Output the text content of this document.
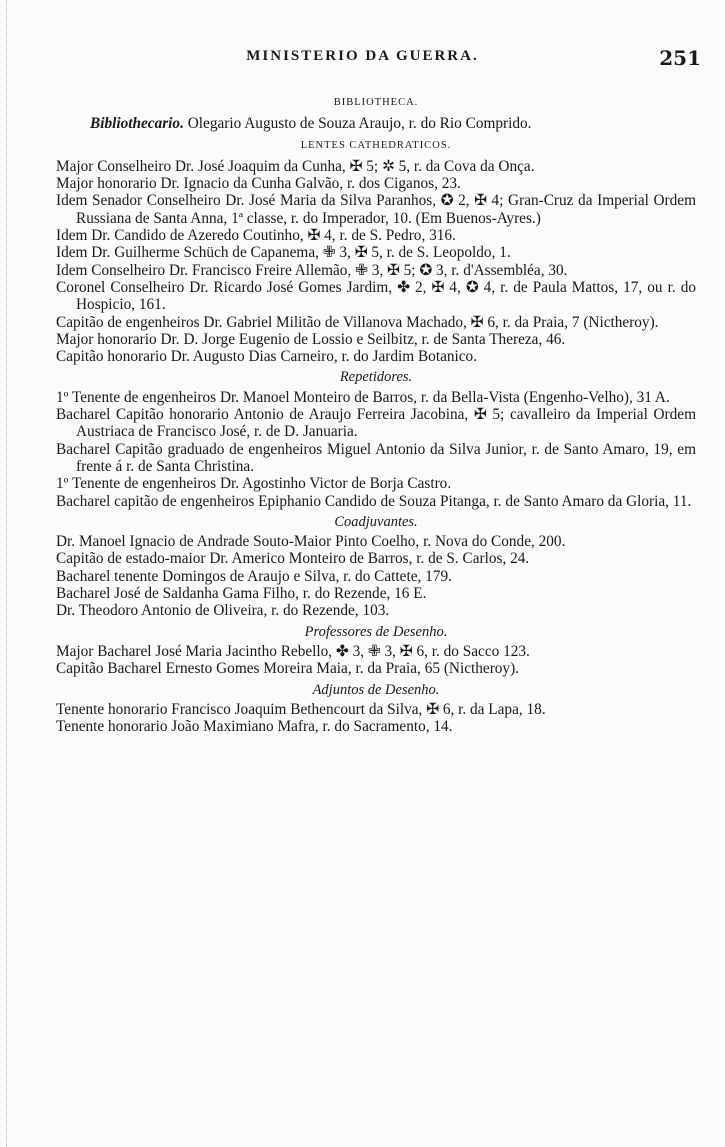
MINISTERIO DA GUERRA.	251
BIBLIOTHECA.
Bibliothecario. Olegario Augusto de Souza Araujo, r. do Rio Comprido.
LENTES CATHEDRATICOS.
Major Conselheiro Dr. José Joaquim da Cunha, ✠ 5; ✲ 5, r. da Cova da Onça.
Major honorario Dr. Ignacio da Cunha Galvão, r. dos Ciganos, 23.
Idem Senador Conselheiro Dr. José Maria da Silva Paranhos, ✪ 2, ✠ 4; Gran-Cruz da Imperial Ordem Russiana de Santa Anna, 1ª classe, r. do Imperador, 10. (Em Buenos-Ayres.)
Idem Dr. Candido de Azeredo Coutinho, ✠ 4, r. de S. Pedro, 316.
Idem Dr. Guilherme Schüch de Capanema, ✙ 3, ✠ 5, r. de S. Leopoldo, 1.
Idem Conselheiro Dr. Francisco Freire Allemão, ✙ 3, ✠ 5; ✪ 3, r. d'Assembléa, 30.
Coronel Conselheiro Dr. Ricardo José Gomes Jardim, ✤ 2, ✠ 4, ✪ 4, r. de Paula Mattos, 17, ou r. do Hospicio, 161.
Capitão de engenheiros Dr. Gabriel Militão de Villanova Machado, ✠ 6, r. da Praia, 7 (Nictheroy).
Major honorario Dr. D. Jorge Eugenio de Lossio e Seilbitz, r. de Santa Thereza, 46.
Capitão honorario Dr. Augusto Dias Carneiro, r. do Jardim Botanico.
Repetidores.
1º Tenente de engenheiros Dr. Manoel Monteiro de Barros, r. da Bella-Vista (Engenho-Velho), 31 A.
Bacharel Capitão honorario Antonio de Araujo Ferreira Jacobina, ✠ 5; cavalleiro da Imperial Ordem Austriaca de Francisco José, r. de D. Januaria.
Bacharel Capitão graduado de engenheiros Miguel Antonio da Silva Junior, r. de Santo Amaro, 19, em frente á r. de Santa Christina.
1º Tenente de engenheiros Dr. Agostinho Victor de Borja Castro.
Bacharel capitão de engenheiros Epiphanio Candido de Souza Pitanga, r. de Santo Amaro da Gloria, 11.
Coadjuvantes.
Dr. Manoel Ignacio de Andrade Souto-Maior Pinto Coelho, r. Nova do Conde, 200.
Capitão de estado-maior Dr. Americo Monteiro de Barros, r. de S. Carlos, 24.
Bacharel tenente Domingos de Araujo e Silva, r. do Cattete, 179.
Bacharel José de Saldanha Gama Filho, r. do Rezende, 16 E.
Dr. Theodoro Antonio de Oliveira, r. do Rezende, 103.
Professores de Desenho.
Major Bacharel José Maria Jacintho Rebello, ✤ 3, ✙ 3, ✠ 6, r. do Sacco 123.
Capitão Bacharel Ernesto Gomes Moreira Maia, r. da Praia, 65 (Nictheroy).
Adjuntos de Desenho.
Tenente honorario Francisco Joaquim Bethencourt da Silva, ✠ 6, r. da Lapa, 18.
Tenente honorario João Maximiano Mafra, r. do Sacramento, 14.
